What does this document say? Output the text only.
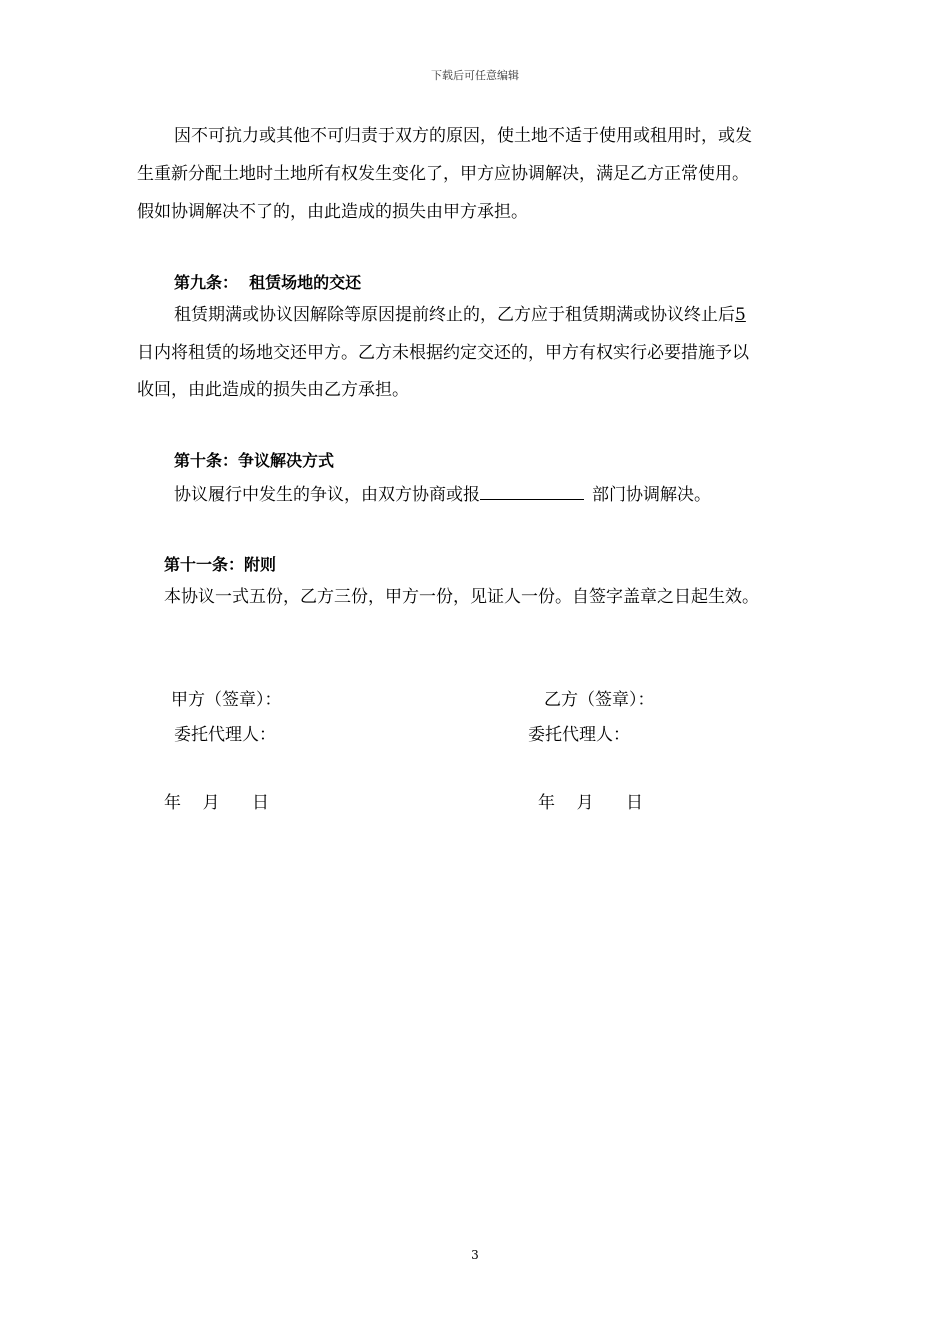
下载后可任意编辑
因不可抗力或其他不可归责于双方的原因，使土地不适于使用或租用时，或发
生重新分配土地时土地所有权发生变化了，甲方应协调解决，满足乙方正常使用。
假如协调解决不了的，由此造成的损失由甲方承担。
第九条：  租赁场地的交还
租赁期满或协议因解除等原因提前终止的，乙方应于租赁期满或协议终止后5
日内将租赁的场地交还甲方。乙方未根据约定交还的，甲方有权实行必要措施予以
收回，由此造成的损失由乙方承担。
第十条：争议解决方式
协议履行中发生的争议，由双方协商或报	部门协调解决。
第十一条：附则
本协议一式五份，乙方三份，甲方一份，见证人一份。自签字盖章之日起生效。
甲方（签章）：	乙方（签章）：
委托代理人：	委托代理人：
年    月      日	年    月      日
3
